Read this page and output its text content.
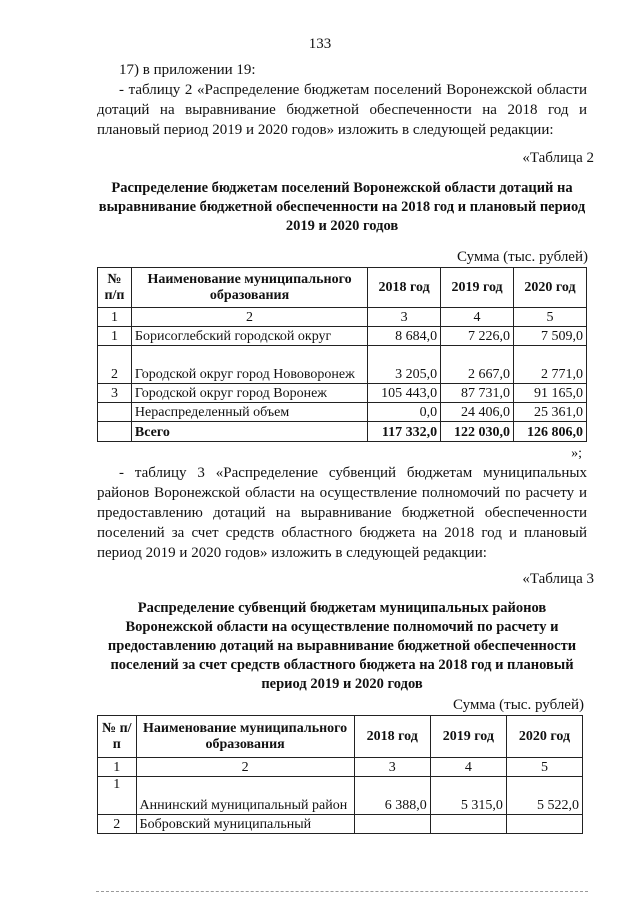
133

17) в приложении 19:

- таблицу 2 «Распределение бюджетам поселений Воронежской области дотаций на выравнивание бюджетной обеспеченности на 2018 год и плановый период 2019 и 2020 годов» изложить в следующей редакции:

«Таблица 2
Распределение бюджетам поселений Воронежской области дотаций на выравнивание бюджетной обеспеченности на 2018 год и плановый период 2019 и 2020 годов
Сумма (тыс. рублей)
№ п/п	Наименование муниципального образования	2018 год	2019 год	2020 год
1	2	3	4	5
1	Борисоглебский городской округ	8 684,0	7 226,0	7 509,0
2	Городской округ город Нововоронеж	3 205,0	2 667,0	2 771,0
3	Городской округ город Воронеж	105 443,0	87 731,0	91 165,0
	Нераспределенный объем	0,0	24 406,0	25 361,0
	Всего	117 332,0	122 030,0	126 806,0
»;

- таблицу 3 «Распределение субвенций бюджетам муниципальных районов Воронежской области на осуществление полномочий по расчету и предоставлению дотаций на выравнивание бюджетной обеспеченности поселений за счет средств областного бюджета на 2018 год и плановый период 2019 и 2020 годов» изложить в следующей редакции:

«Таблица 3
Распределение субвенций бюджетам муниципальных районов Воронежской области на осуществление полномочий по расчету и предоставлению дотаций на выравнивание бюджетной обеспеченности поселений за счет средств областного бюджета на 2018 год и плановый период 2019 и 2020 годов
Сумма (тыс. рублей)
№ п/п	Наименование муниципального образования	2018 год	2019 год	2020 год
1	2	3	4	5
1	Аннинский муниципальный район	6 388,0	5 315,0	5 522,0
2	Бобровский муниципальный			
